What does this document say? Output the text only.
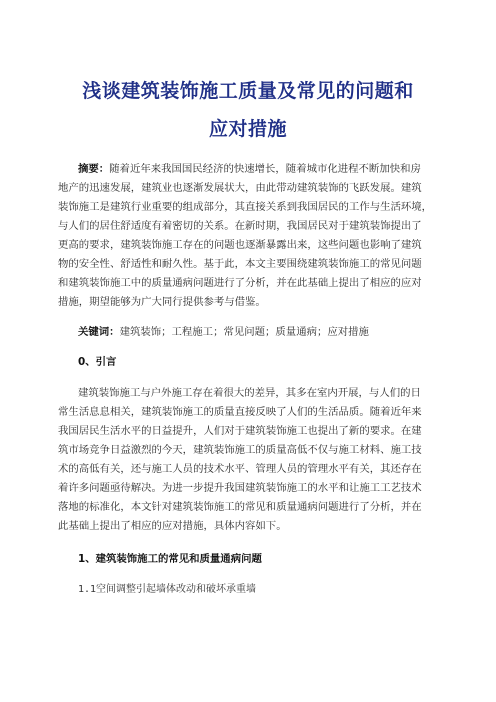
浅谈建筑装饰施工质量及常见的问题和
应对措施
摘要：随着近年来我国国民经济的快速增长，随着城市化进程不断加快和房
地产的迅速发展，建筑业也逐渐发展状大，由此带动建筑装饰的飞跃发展。建筑
装饰施工是建筑行业重要的组成部分，其直接关系到我国居民的工作与生活环境，
与人们的居住舒适度有着密切的关系。在新时期，我国居民对于建筑装饰提出了
更高的要求，建筑装饰施工存在的问题也逐渐暴露出来，这些问题也影响了建筑
物的安全性、舒适性和耐久性。基于此，本文主要围绕建筑装饰施工的常见问题
和建筑装饰施工中的质量通病问题进行了分析，并在此基础上提出了相应的应对
措施，期望能够为广大同行提供参考与借鉴。
关键词：建筑装饰；工程施工；常见问题；质量通病；应对措施
0、引言
建筑装饰施工与户外施工存在着很大的差异，其多在室内开展，与人们的日
常生活息息相关，建筑装饰施工的质量直接反映了人们的生活品质。随着近年来
我国居民生活水平的日益提升，人们对于建筑装饰施工也提出了新的要求。在建
筑市场竞争日益激烈的今天，建筑装饰施工的质量高低不仅与施工材料、施工技
术的高低有关，还与施工人员的技术水平、管理人员的管理水平有关，其还存在
着许多问题亟待解决。为进一步提升我国建筑装饰施工的水平和让施工工艺技术
落地的标准化，本文针对建筑装饰施工的常见和质量通病问题进行了分析，并在
此基础上提出了相应的应对措施，具体内容如下。
1、建筑装饰施工的常见和质量通病问题
1.1空间调整引起墙体改动和破坏承重墙
